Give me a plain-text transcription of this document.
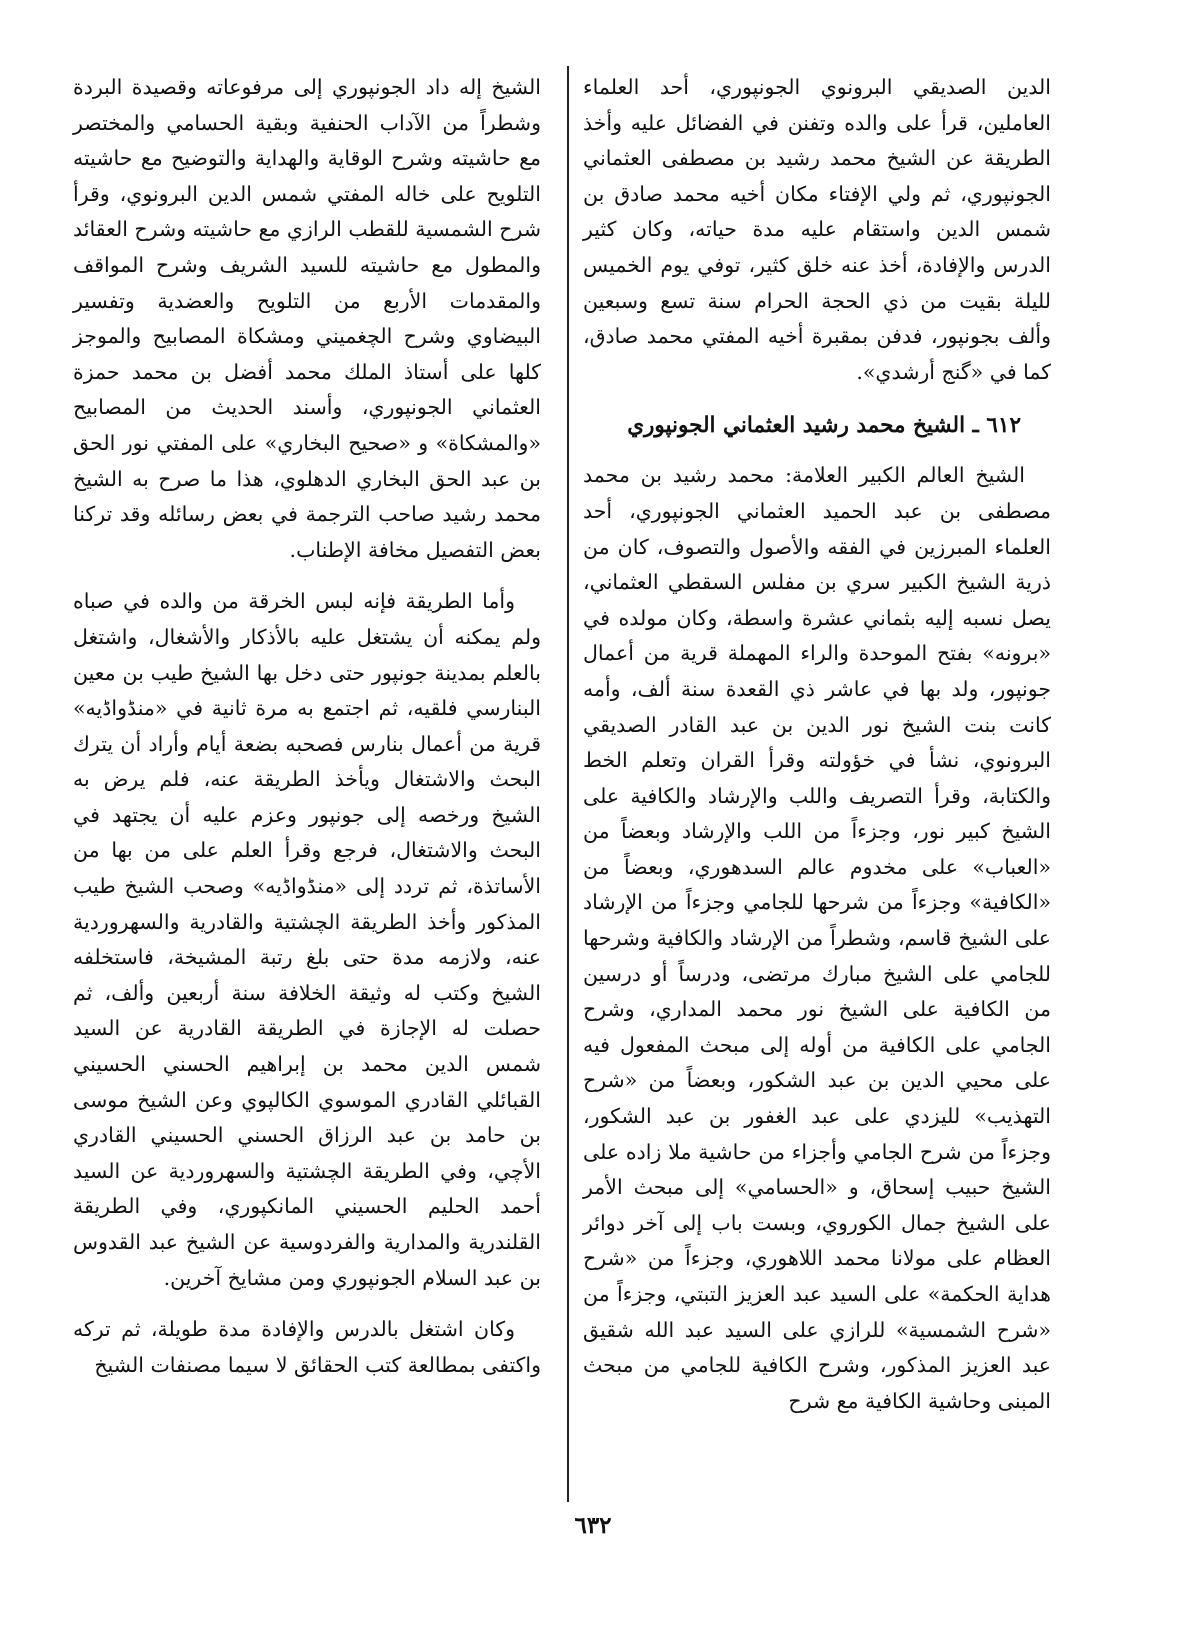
الدين الصديقي البرونوي الجونپوري، أحد العلماء العاملين، قرأ على والده وتفنن في الفضائل عليه وأخذ الطريقة عن الشيخ محمد رشيد بن مصطفى العثماني الجونپوري، ثم ولي الإفتاء مكان أخيه محمد صادق بن شمس الدين واستقام عليه مدة حياته، وكان كثير الدرس والإفادة، أخذ عنه خلق كثير، توفي يوم الخميس لليلة بقيت من ذي الحجة الحرام سنة تسع وسبعين وألف بجونپور، فدفن بمقبرة أخيه المفتي محمد صادق، كما في «گنج أرشدي».

٦١٢ ـ الشيخ محمد رشيد العثماني الجونپوري

الشيخ العالم الكبير العلامة: محمد رشيد بن محمد مصطفى بن عبد الحميد العثماني الجونپوري، أحد العلماء المبرزين في الفقه والأصول والتصوف، كان من ذرية الشيخ الكبير سري بن مفلس السقطي العثماني، يصل نسبه إليه بثماني عشرة واسطة، وكان مولده في «برونه» بفتح الموحدة والراء المهملة قرية من أعمال جونپور، ولد بها في عاشر ذي القعدة سنة ألف، وأمه كانت بنت الشيخ نور الدين بن عبد القادر الصديقي البرونوي، نشأ في خؤولته وقرأ القران وتعلم الخط والكتابة، وقرأ التصريف واللب والإرشاد والكافية على الشيخ كبير نور، وجزءاً من اللب والإرشاد وبعضاً من «العباب» على مخدوم عالم السدهوري، وبعضاً من «الكافية» وجزءاً من شرحها للجامي وجزءاً من الإرشاد على الشيخ قاسم، وشطراً من الإرشاد والكافية وشرحها للجامي على الشيخ مبارك مرتضى، ودرساً أو درسين من الكافية على الشيخ نور محمد المداري، وشرح الجامي على الكافية من أوله إلى مبحث المفعول فيه على محيي الدين بن عبد الشكور، وبعضاً من «شرح التهذيب» لليزدي على عبد الغفور بن عبد الشكور، وجزءاً من شرح الجامي وأجزاء من حاشية ملا زاده على الشيخ حبيب إسحاق، و «الحسامي» إلى مبحث الأمر على الشيخ جمال الكوروي، وبست باب إلى آخر دوائر العظام على مولانا محمد اللاهوري، وجزءاً من «شرح هداية الحكمة» على السيد عبد العزيز التبتي، وجزءاً من «شرح الشمسية» للرازي على السيد عبد الله شقيق عبد العزيز المذكور، وشرح الكافية للجامي من مبحث المبنى وحاشية الكافية مع شرح

الشيخ إله داد الجونپوري إلى مرفوعاته وقصيدة البردة وشطراً من الآداب الحنفية وبقية الحسامي والمختصر مع حاشيته وشرح الوقاية والهداية والتوضيح مع حاشيته التلويح على خاله المفتي شمس الدين البرونوي، وقرأ شرح الشمسية للقطب الرازي مع حاشيته وشرح العقائد والمطول مع حاشيته للسيد الشريف وشرح المواقف والمقدمات الأربع من التلويح والعضدية وتفسير البيضاوي وشرح الچغميني ومشكاة المصابيح والموجز كلها على أستاذ الملك محمد أفضل بن محمد حمزة العثماني الجونپوري، وأسند الحديث من المصابيح «والمشكاة» و «صحيح البخاري» على المفتي نور الحق بن عبد الحق البخاري الدهلوي، هذا ما صرح به الشيخ محمد رشيد صاحب الترجمة في بعض رسائله وقد تركنا بعض التفصيل مخافة الإطناب.

وأما الطريقة فإنه لبس الخرقة من والده في صباه ولم يمكنه أن يشتغل عليه بالأذكار والأشغال، واشتغل بالعلم بمدينة جونپور حتى دخل بها الشيخ طيب بن معين البنارسي فلقيه، ثم اجتمع به مرة ثانية في «منڈواڈيه» قرية من أعمال بنارس فصحبه بضعة أيام وأراد أن يترك البحث والاشتغال ويأخذ الطريقة عنه، فلم يرض به الشيخ ورخصه إلى جونپور وعزم عليه أن يجتهد في البحث والاشتغال، فرجع وقرأ العلم على من بها من الأساتذة، ثم تردد إلى «منڈواڈيه» وصحب الشيخ طيب المذكور وأخذ الطريقة الچشتية والقادرية والسهروردية عنه، ولازمه مدة حتى بلغ رتبة المشيخة، فاستخلفه الشيخ وكتب له وثيقة الخلافة سنة أربعين وألف، ثم حصلت له الإجازة في الطريقة القادرية عن السيد شمس الدين محمد بن إبراهيم الحسني الحسيني القبائلي القادري الموسوي الكالپوي وعن الشيخ موسى بن حامد بن عبد الرزاق الحسني الحسيني القادري الأچي، وفي الطريقة الچشتية والسهروردية عن السيد أحمد الحليم الحسيني المانكپوري، وفي الطريقة القلندرية والمدارية والفردوسية عن الشيخ عبد القدوس بن عبد السلام الجونپوري ومن مشايخ آخرين.

وكان اشتغل بالدرس والإفادة مدة طويلة، ثم تركه واكتفى بمطالعة كتب الحقائق لا سيما مصنفات الشيخ

٦٣٢
